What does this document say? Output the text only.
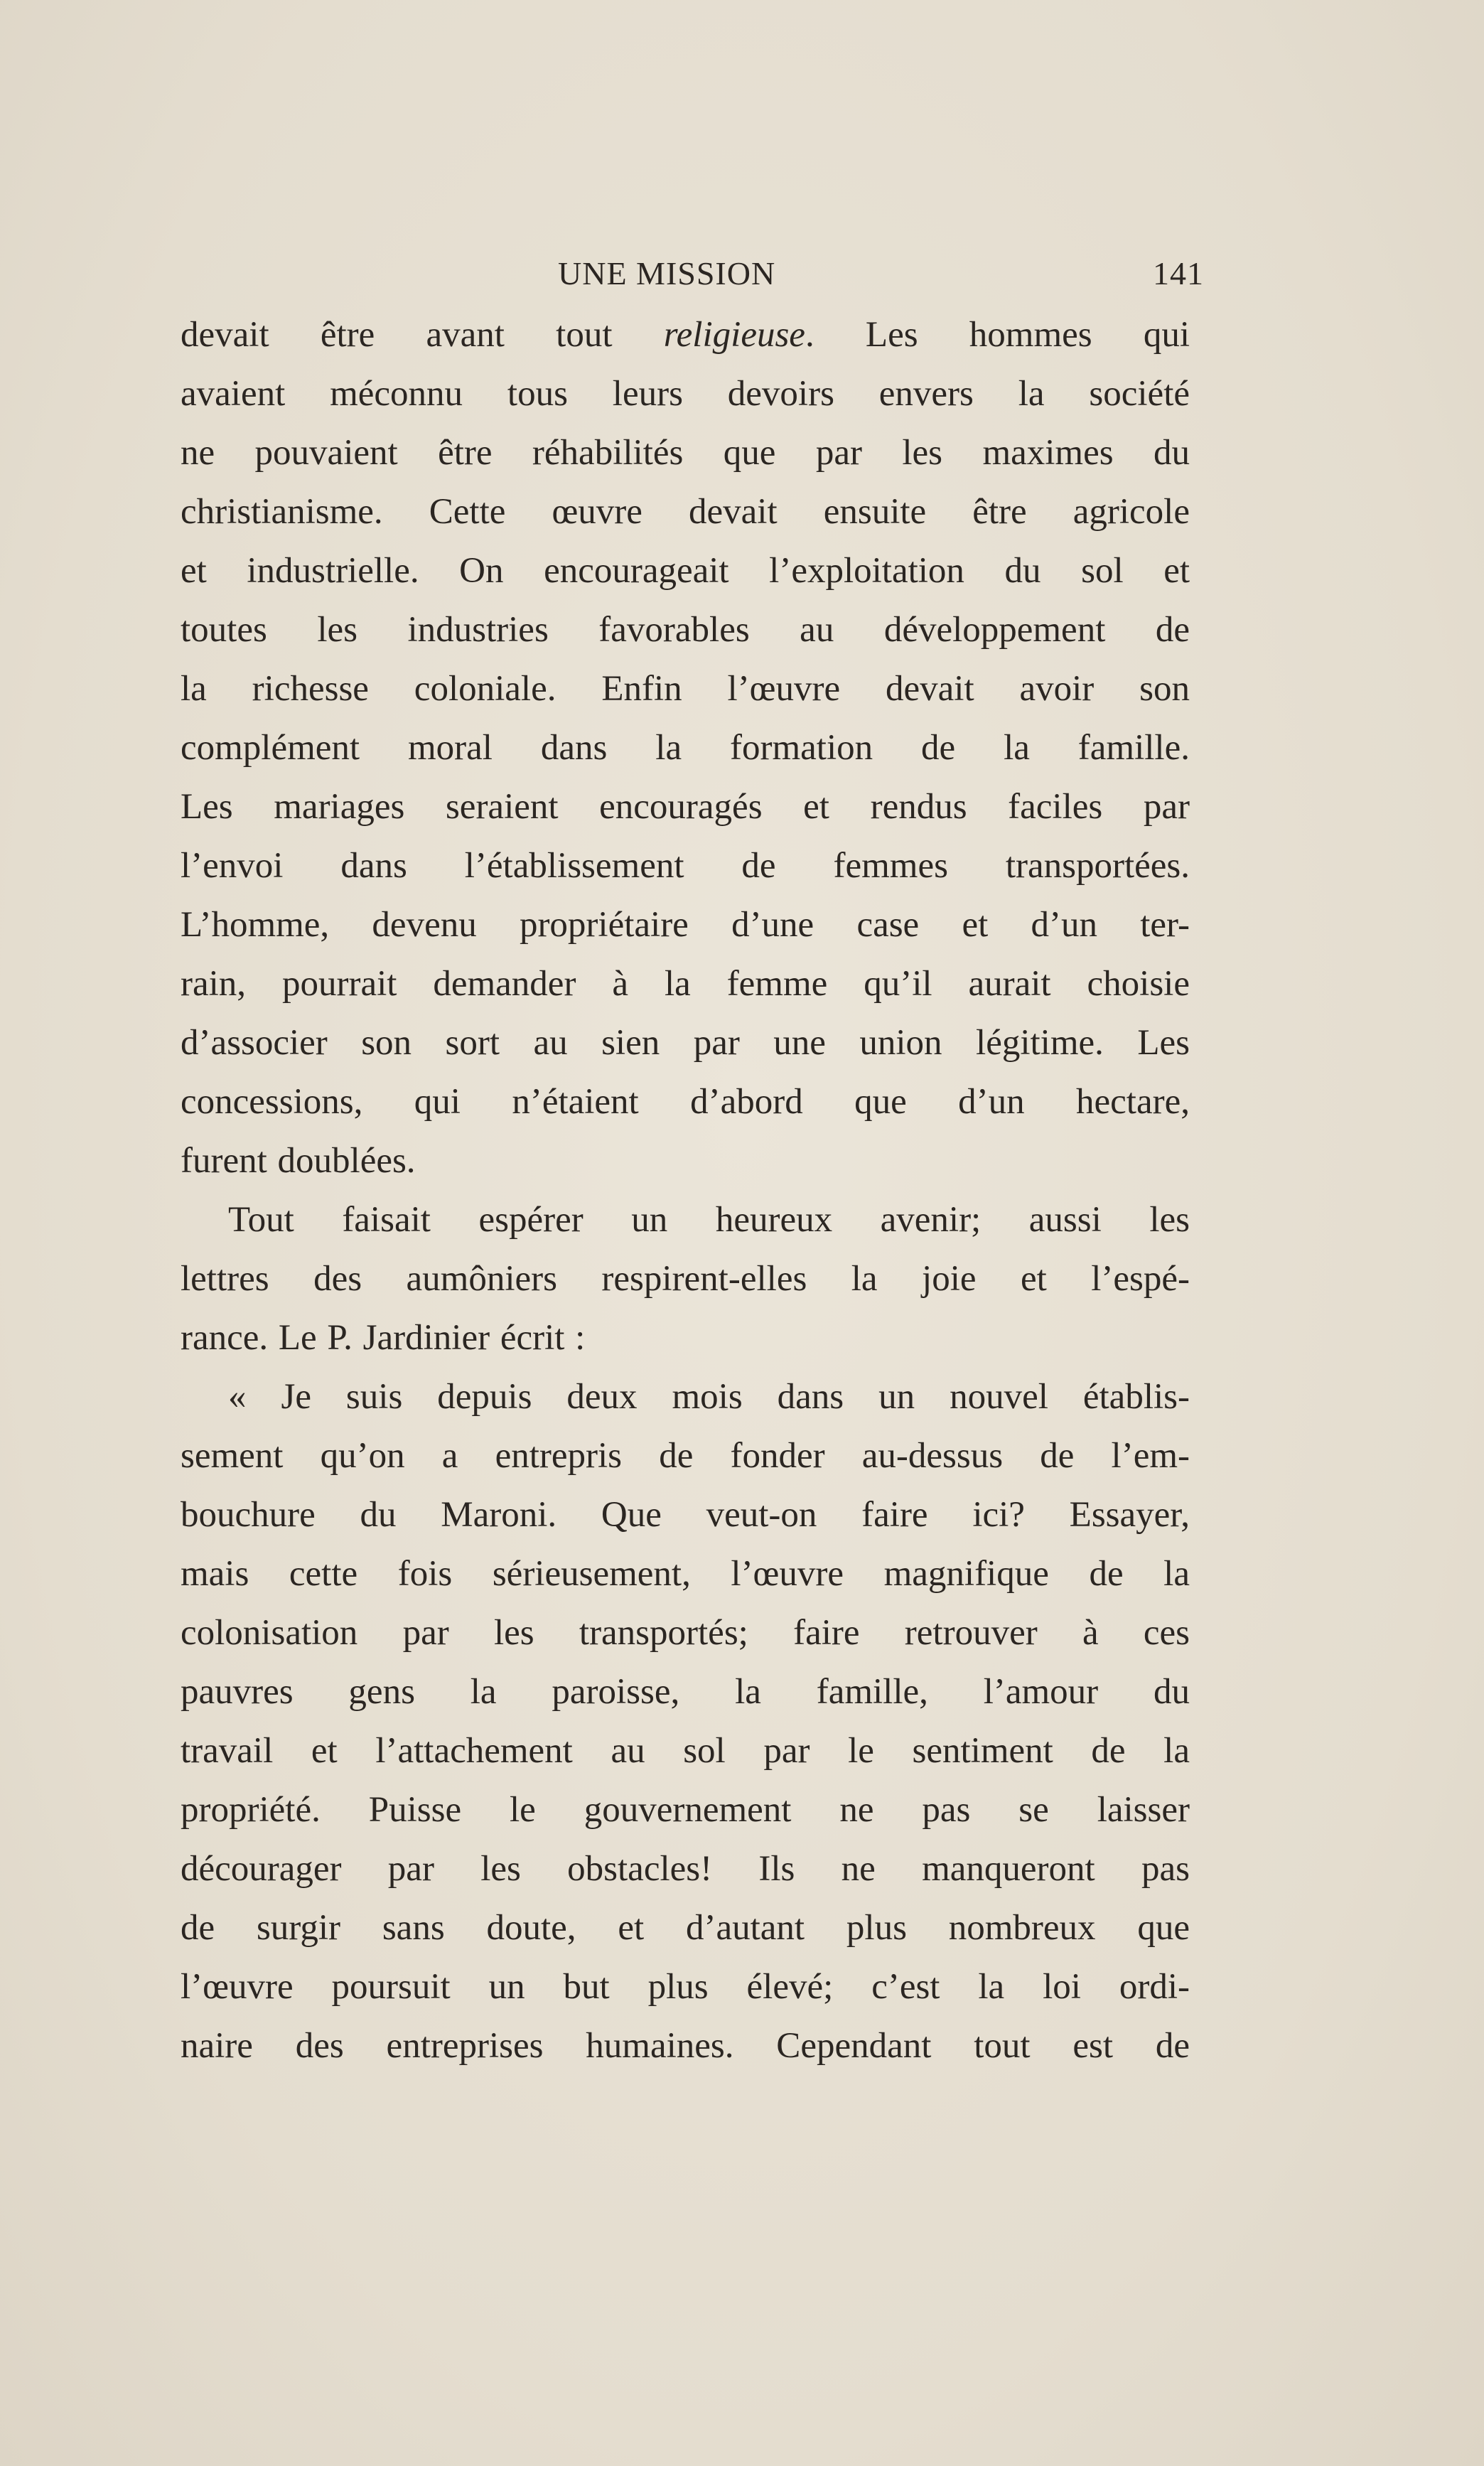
UNE MISSION	141
devait être avant tout religieuse. Les hommes qui
avaient méconnu tous leurs devoirs envers la société
ne pouvaient être réhabilités que par les maximes du
christianisme. Cette œuvre devait ensuite être agricole
et industrielle. On encourageait l’exploitation du sol et
toutes les industries favorables au développement de
la richesse coloniale. Enfin l’œuvre devait avoir son
complément moral dans la formation de la famille.
Les mariages seraient encouragés et rendus faciles par
l’envoi dans l’établissement de femmes transportées.
L’homme, devenu propriétaire d’une case et d’un ter-
rain, pourrait demander à la femme qu’il aurait choisie
d’associer son sort au sien par une union légitime. Les
concessions, qui n’étaient d’abord que d’un hectare,
furent doublées.
Tout faisait espérer un heureux avenir; aussi les
lettres des aumôniers respirent-elles la joie et l’espé-
rance. Le P. Jardinier écrit :
« Je suis depuis deux mois dans un nouvel établis-
sement qu’on a entrepris de fonder au-dessus de l’em-
bouchure du Maroni. Que veut-on faire ici? Essayer,
mais cette fois sérieusement, l’œuvre magnifique de la
colonisation par les transportés; faire retrouver à ces
pauvres gens la paroisse, la famille, l’amour du
travail et l’attachement au sol par le sentiment de la
propriété. Puisse le gouvernement ne pas se laisser
décourager par les obstacles! Ils ne manqueront pas
de surgir sans doute, et d’autant plus nombreux que
l’œuvre poursuit un but plus élevé; c’est la loi ordi-
naire des entreprises humaines. Cependant tout est de
